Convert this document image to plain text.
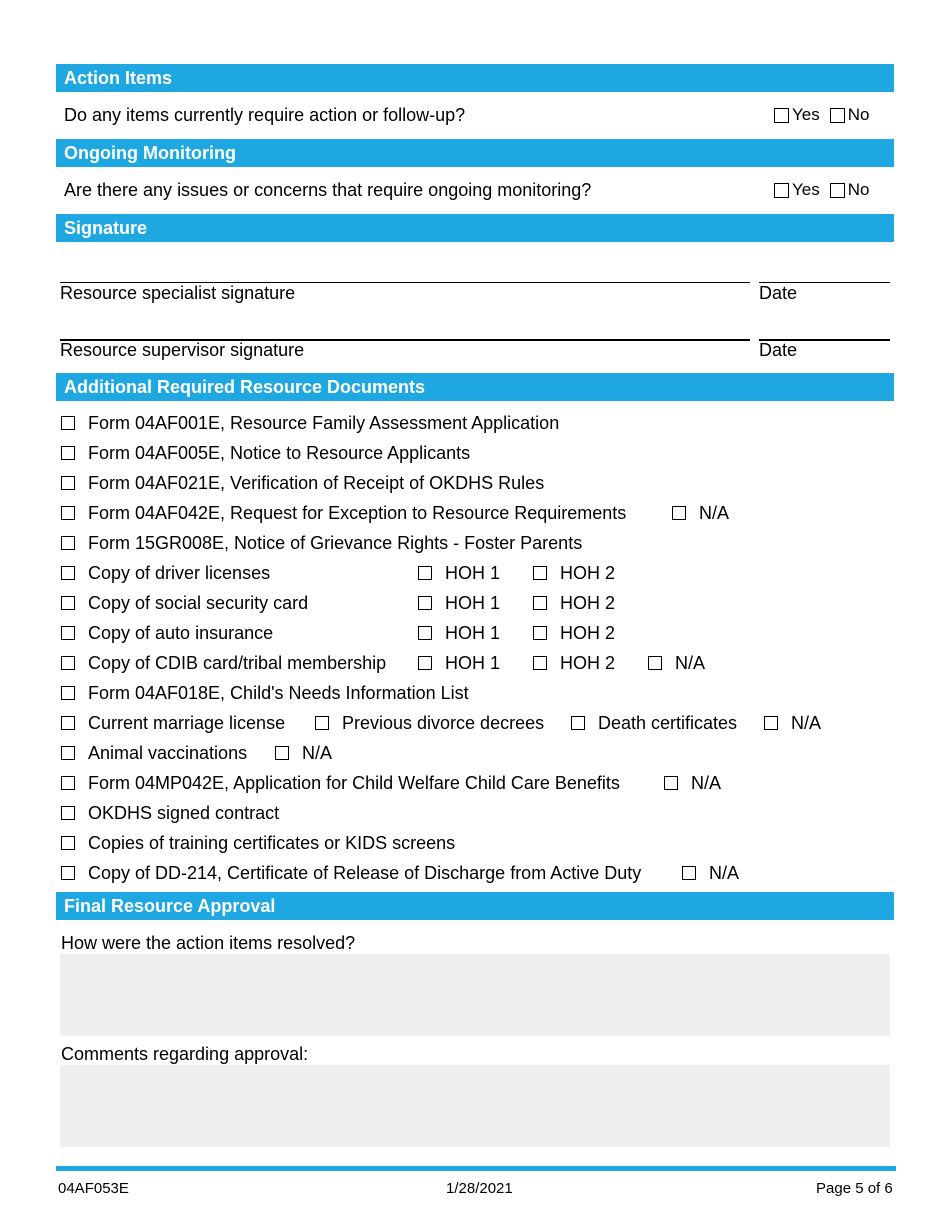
Action Items
Do any items currently require action or follow-up?	Yes No
Ongoing Monitoring
Are there any issues or concerns that require ongoing monitoring?	Yes No
Signature
Resource specialist signature	Date
Resource supervisor signature	Date
Additional Required Resource Documents
Form 04AF001E, Resource Family Assessment Application
Form 04AF005E, Notice to Resource Applicants
Form 04AF021E, Verification of Receipt of OKDHS Rules
Form 04AF042E, Request for Exception to Resource Requirements	N/A
Form 15GR008E, Notice of Grievance Rights - Foster Parents
Copy of driver licenses	HOH 1	HOH 2
Copy of social security card	HOH 1	HOH 2
Copy of auto insurance	HOH 1	HOH 2
Copy of CDIB card/tribal membership	HOH 1	HOH 2	N/A
Form 04AF018E, Child's Needs Information List
Current marriage license	Previous divorce decrees	Death certificates	N/A
Animal vaccinations	N/A
Form 04MP042E, Application for Child Welfare Child Care Benefits	N/A
OKDHS signed contract
Copies of training certificates or KIDS screens
Copy of DD-214, Certificate of Release of Discharge from Active Duty	N/A
Final Resource Approval
How were the action items resolved?
Comments regarding approval:
04AF053E	1/28/2021	Page 5 of 6
